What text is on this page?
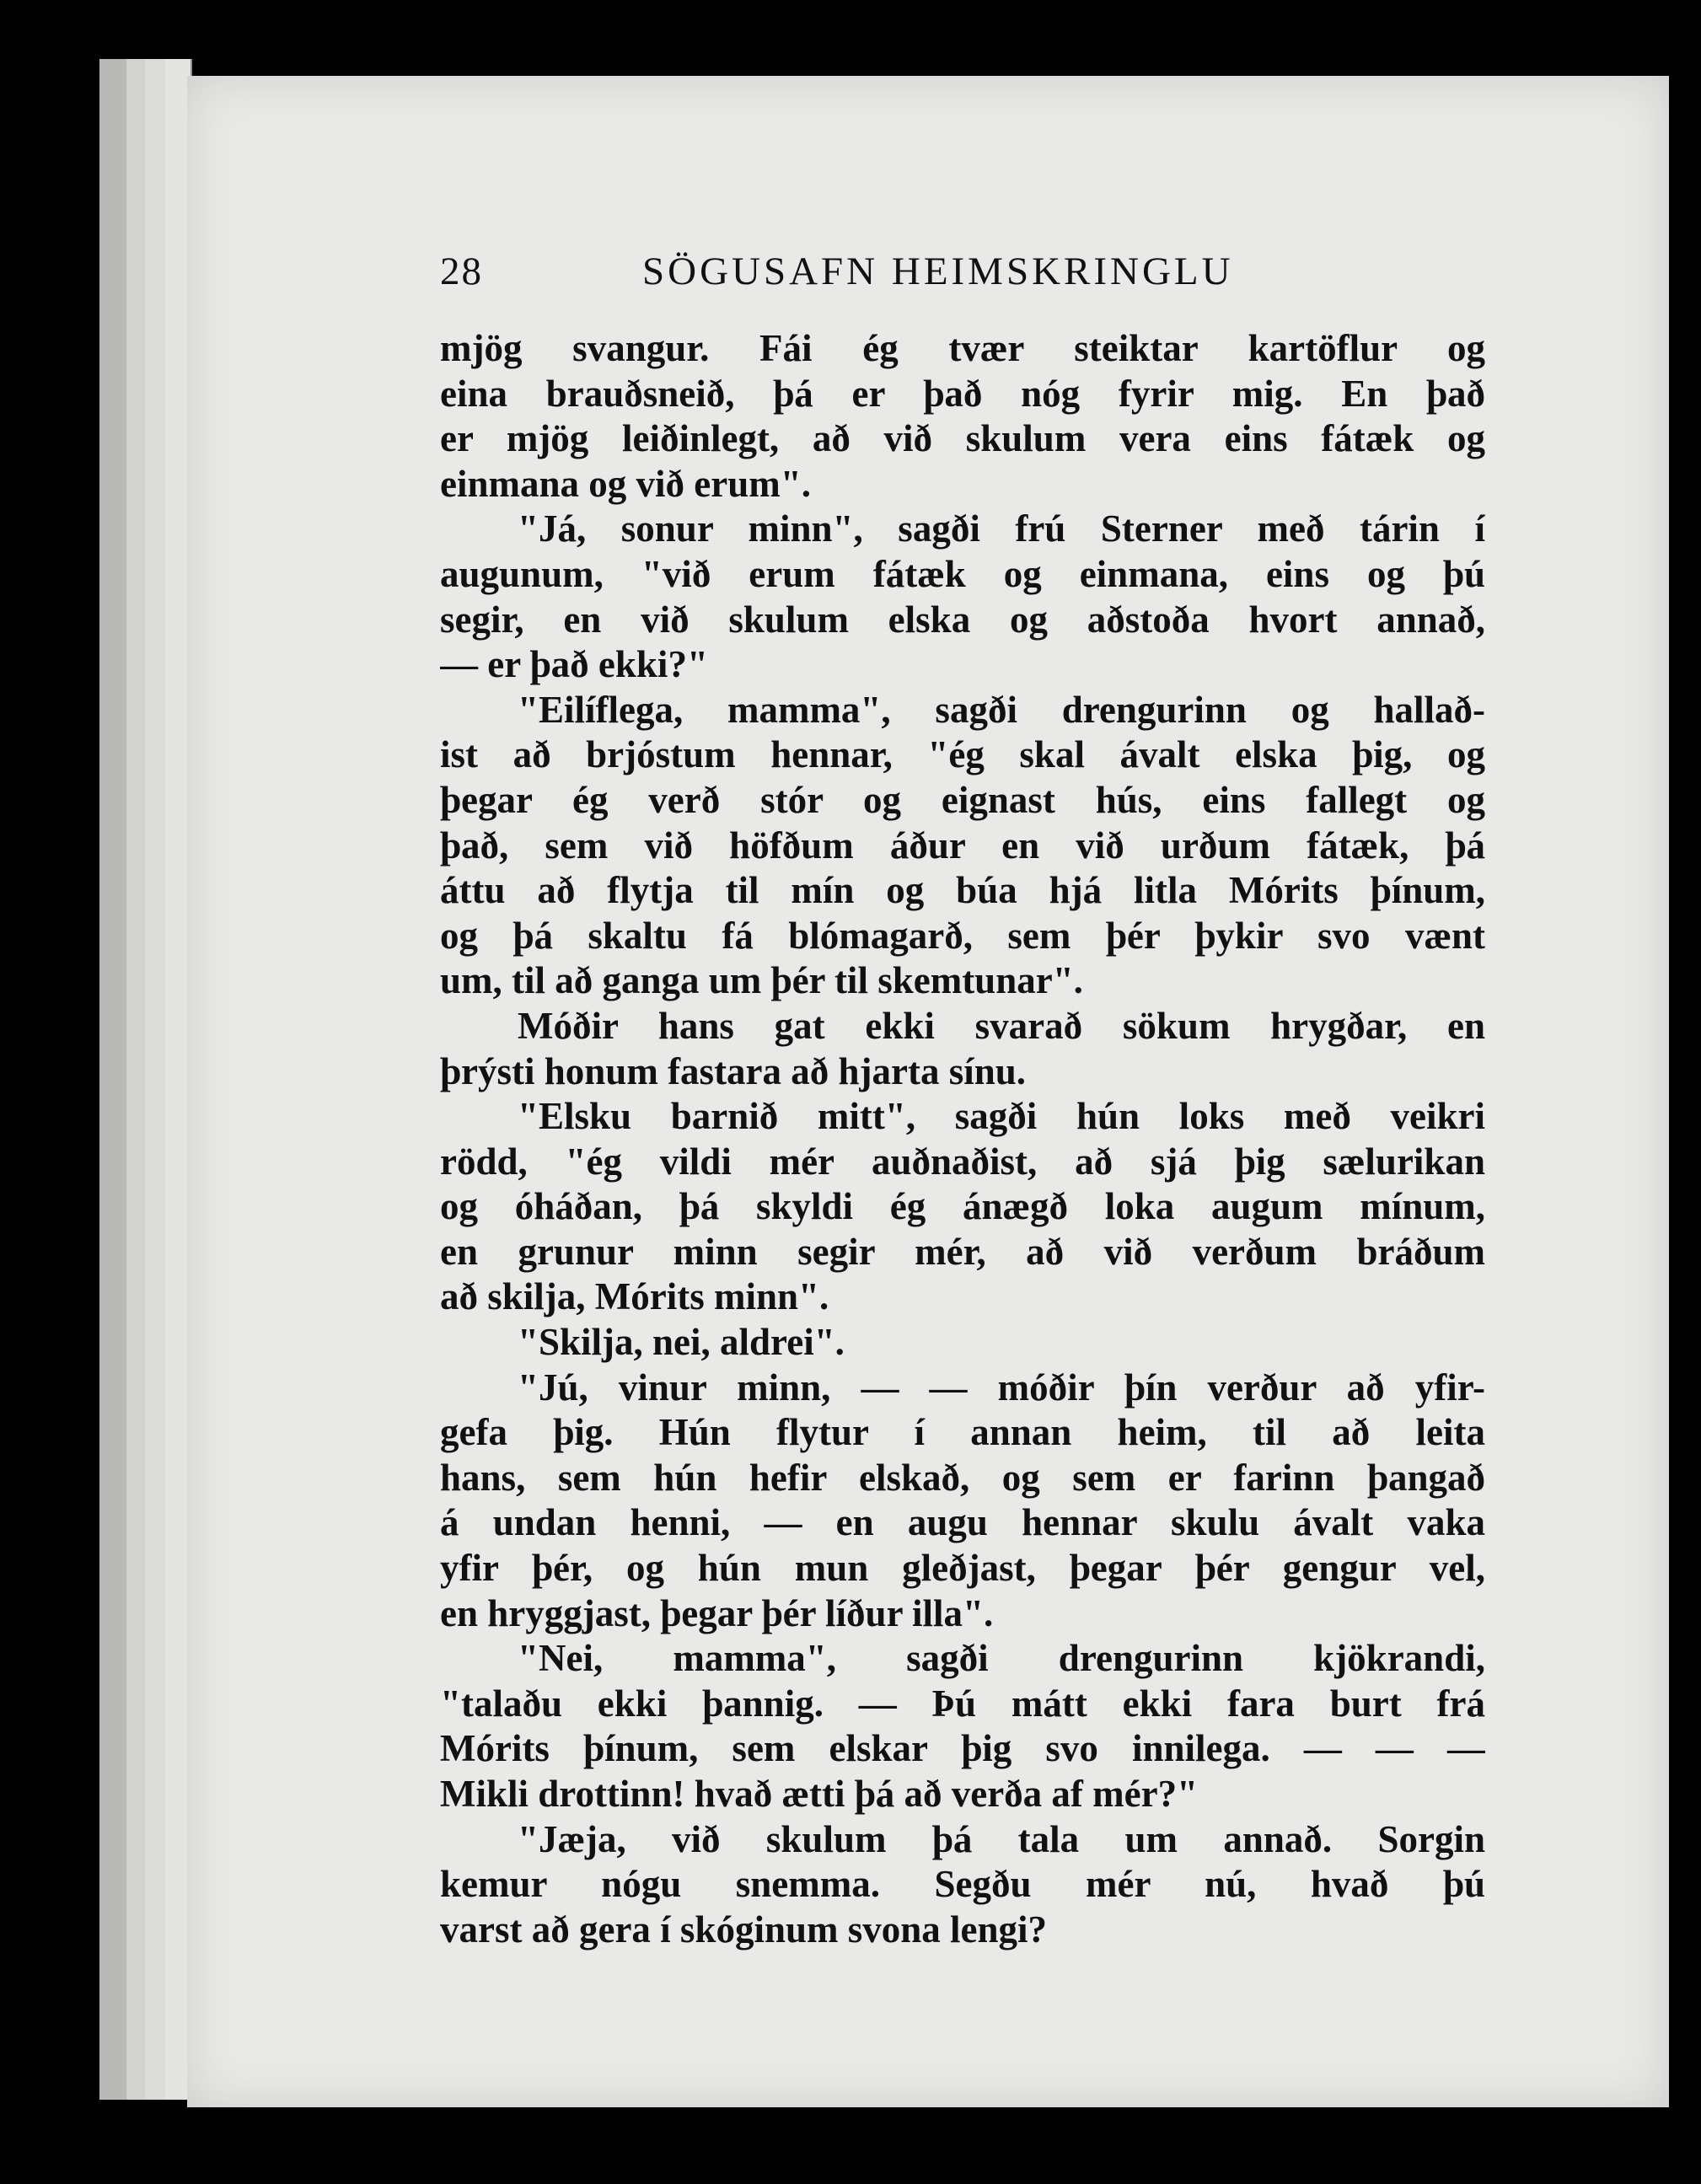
28	SÖGUSAFN HEIMSKRINGLU
mjög svangur. Fái ég tvær steiktar kartöflur og
eina brauðsneið, þá er það nóg fyrir mig. En það
er mjög leiðinlegt, að við skulum vera eins fátæk og
einmana og við erum".
"Já, sonur minn", sagði frú Sterner með tárin í
augunum, "við erum fátæk og einmana, eins og þú
segir, en við skulum elska og aðstoða hvort annað,
— er það ekki?"
"Eilíflega, mamma", sagði drengurinn og hallað-
ist að brjóstum hennar, "ég skal ávalt elska þig, og
þegar ég verð stór og eignast hús, eins fallegt og
það, sem við höfðum áður en við urðum fátæk, þá
áttu að flytja til mín og búa hjá litla Mórits þínum,
og þá skaltu fá blómagarð, sem þér þykir svo vænt
um, til að ganga um þér til skemtunar".
Móðir hans gat ekki svarað sökum hrygðar, en
þrýsti honum fastara að hjarta sínu.
"Elsku barnið mitt", sagði hún loks með veikri
rödd, "ég vildi mér auðnaðist, að sjá þig sælurikan
og óháðan, þá skyldi ég ánægð loka augum mínum,
en grunur minn segir mér, að við verðum bráðum
að skilja, Mórits minn".
"Skilja, nei, aldrei".
"Jú, vinur minn, — — móðir þín verður að yfir-
gefa þig. Hún flytur í annan heim, til að leita
hans, sem hún hefir elskað, og sem er farinn þangað
á undan henni, — en augu hennar skulu ávalt vaka
yfir þér, og hún mun gleðjast, þegar þér gengur vel,
en hryggjast, þegar þér líður illa".
"Nei, mamma", sagði drengurinn kjökrandi,
"talaðu ekki þannig. — Þú mátt ekki fara burt frá
Mórits þínum, sem elskar þig svo innilega. — — —
Mikli drottinn! hvað ætti þá að verða af mér?"
"Jæja, við skulum þá tala um annað. Sorgin
kemur nógu snemma. Segðu mér nú, hvað þú
varst að gera í skóginum svona lengi?
